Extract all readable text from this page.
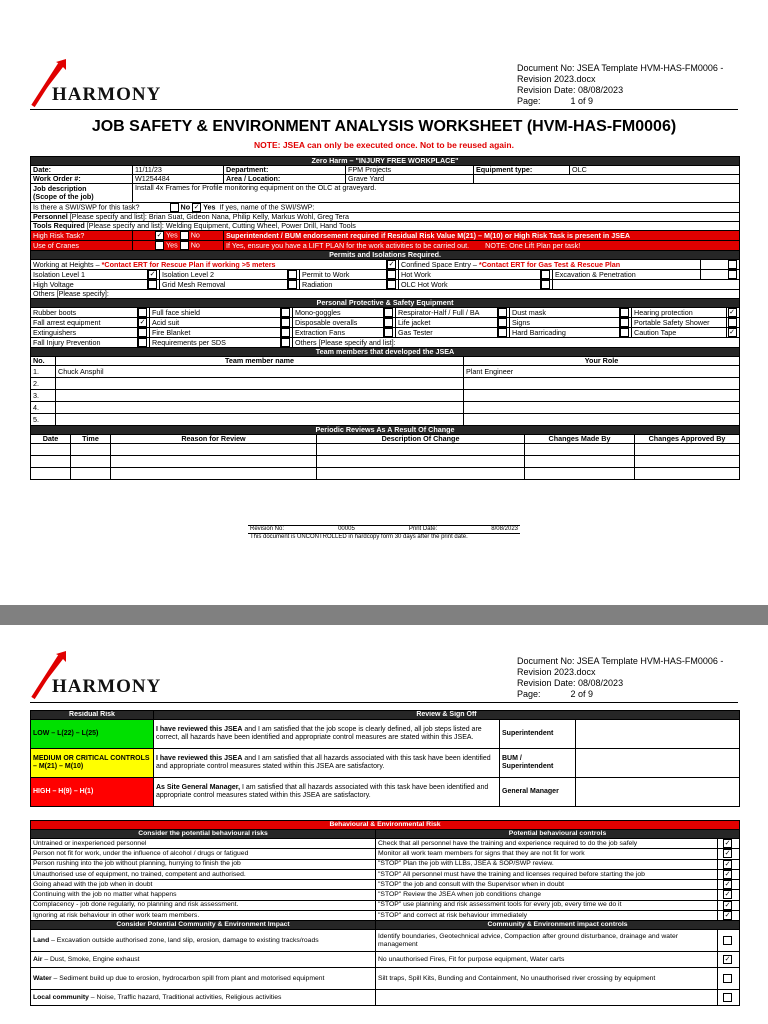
HARMONY
Document No: JSEA Template HVM-HAS-FM0006 -
Revision 2023.docx
Revision Date: 08/08/2023
Page:	1 of 9
JOB SAFETY & ENVIRONMENT ANALYSIS WORKSHEET (HVM-HAS-FM0006)
NOTE: JSEA can only be executed once. Not to be reused again.
Zero Harm – "INJURY FREE WORKPLACE"					
Date:	11/11/23	Department:	FPM Projects	Equipment type:	OLC
Work Order #:	W1254484	Area / Location:	Grave Yard		
Job description
(Scope of the job)	Install 4x Frames for Profile monitoring equipment on the OLC at graveyard.				
Is there a SWI/SWP for this task? No ✓ Yes If yes, name of the SWI/SWP:					
Personnel [Please specify and list]: Brian Suat, Gideon Nana, Philip Kelly, Markus Wohl, Greg Tera					
Tools Required [Please specify and list]: Welding Equipment, Cutting Wheel, Power Drill, Hand Tools					
High Risk Task?	✓ Yes No	Superintendent / BUM endorsement required if Residual Risk Value M(21) – M(10) or High Risk Task is present in JSEA			
Use of Cranes	Yes No	If Yes, ensure you have a LIFT PLAN for the work activities to be carried out. NOTE: One Lift Plan per task!			
Permits and Isolations Required.									
Working at Heights – *Contact ERT for Rescue Plan if working >5 meters					✓	Confined Space Entry – *Contact ERT for Gas Test & Rescue Plan			
Isolation Level 1	✓	Isolation Level 2		Permit to Work		Hot Work		Excavation & Penetration	
High Voltage		Grid Mesh Removal		Radiation		OLC Hot Work			
Others [Please specify]:									
Personal Protective & Safety Equipment											
Rubber boots		Full face shield		Mono-goggles		Respirator-Half / Full / BA		Dust mask		Hearing protection	✓
Fall arrest equipment	✓	Acid suit		Disposable overalls		Life jacket		Signs		Portable Safety Shower	
Extinguishers		Fire Blanket		Extraction Fans		Gas Tester		Hard Barricading		Caution Tape	✓
Fall Injury Prevention		Requirements per SDS		Others [Please specify and list]:							
Team members that developed the JSEA		
No.	Team member name	Your Role
1.	Chuck Ansphil	Plant Engineer
2.		
3.		
4.		
5.		
Periodic Reviews As A Result Of Change					
Date	Time	Reason for Review	Description Of Change	Changes Made By	Changes Approved By

Revision No:	00005	Print Date:	8/08/2023
This document is UNCONTROLLED in hardcopy form 30 days after the print date.
HARMONY
Document No: JSEA Template HVM-HAS-FM0006 -
Revision 2023.docx
Revision Date: 08/08/2023
Page:	2 of 9
Residual Risk	Review & Sign Off		
LOW – L(22) – L(25)	I have reviewed this JSEA and I am satisfied that the job scope is clearly defined, all job steps listed are correct, all hazards have been identified and appropriate control measures are stated within this JSEA.	Superintendent	
MEDIUM OR CRITICAL CONTROLS – M(21) – M(10)	I have reviewed this JSEA and I am satisfied that all hazards associated with this task have been identified and appropriate control measures stated within this JSEA are satisfactory.	BUM / Superintendent	
HIGH – H(9) – H(1)	As Site General Manager, I am satisfied that all hazards associated with this task have been identified and appropriate control measures stated within this JSEA are satisfactory.	General Manager	
Behavioural & Environmental Risk		
Consider the potential behavioural risks	Potential behavioural controls	
Untrained or inexperienced personnel	Check that all personnel have the training and experience required to do the job safely	✓
Person not fit for work, under the influence of alcohol / drugs or fatigued	Monitor all work team members for signs that they are not fit for work	✓
Person rushing into the job without planning, hurrying to finish the job	"STOP" Plan the job with LLBs, JSEA & SOP/SWP review.	✓
Unauthorised use of equipment, no trained, competent and authorised.	"STOP" All personnel must have the training and licenses required before starting the job	✓
Going ahead with the job when in doubt	"STOP" the job and consult with the Supervisor when in doubt	✓
Continuing with the job no matter what happens	"STOP" Review the JSEA when job conditions change	✓
Complacency - job done regularly, no planning and risk assessment.	"STOP" use planning and risk assessment tools for every job, every time we do it	✓
Ignoring at risk behaviour in other work team members.	"STOP" and correct at risk behaviour immediately	✓
Consider Potential Community & Environment Impact	Community & Environment impact controls	
Land – Excavation outside authorised zone, land slip, erosion, damage to existing tracks/roads	Identify boundaries, Geotechnical advice, Compaction after ground disturbance, drainage and water management	
Air – Dust, Smoke, Engine exhaust	No unauthorised Fires, Fit for purpose equipment, Water carts	✓
Water – Sediment build up due to erosion, hydrocarbon spill from plant and motorised equipment	Silt traps, Spill Kits, Bunding and Containment, No unauthorised river crossing by equipment	
Local community – Noise, Traffic hazard, Traditional activities, Religious activities		
